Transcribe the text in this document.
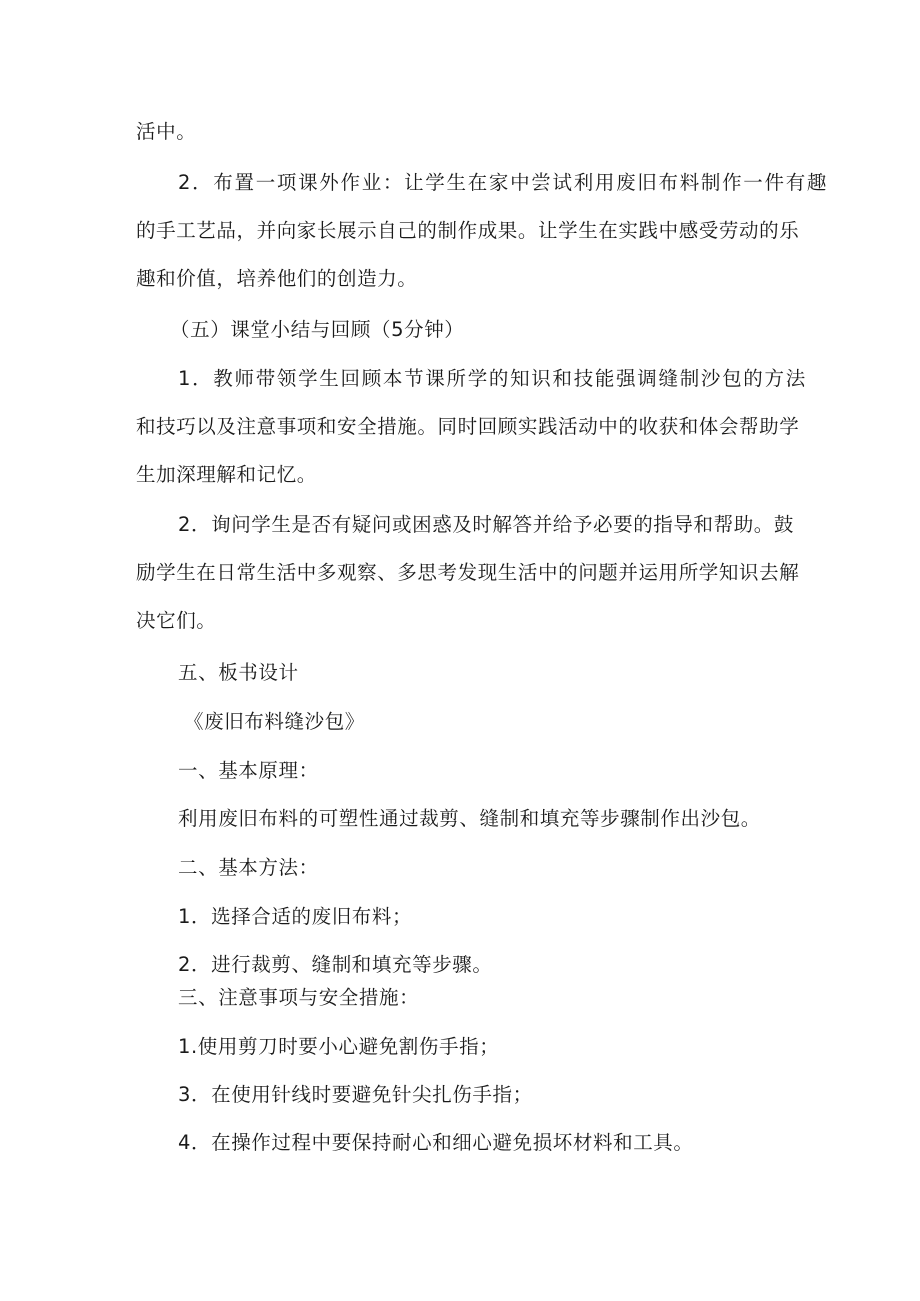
活中。
2．布置一项课外作业：让学生在家中尝试利用废旧布料制作一件有趣
的手工艺品，并向家长展示自己的制作成果。让学生在实践中感受劳动的乐
趣和价值，培养他们的创造力。
（五）课堂小结与回顾（5分钟）
1．教师带领学生回顾本节课所学的知识和技能强调缝制沙包的方法
和技巧以及注意事项和安全措施。同时回顾实践活动中的收获和体会帮助学
生加深理解和记忆。
2．询问学生是否有疑问或困惑及时解答并给予必要的指导和帮助。鼓
励学生在日常生活中多观察、多思考发现生活中的问题并运用所学知识去解
决它们。
五、板书设计
《废旧布料缝沙包》
一、基本原理：
利用废旧布料的可塑性通过裁剪、缝制和填充等步骤制作出沙包。
二、基本方法：
1．选择合适的废旧布料；
2．进行裁剪、缝制和填充等步骤。
三、注意事项与安全措施：
1.使用剪刀时要小心避免割伤手指；
3．在使用针线时要避免针尖扎伤手指；
4．在操作过程中要保持耐心和细心避免损坏材料和工具。
